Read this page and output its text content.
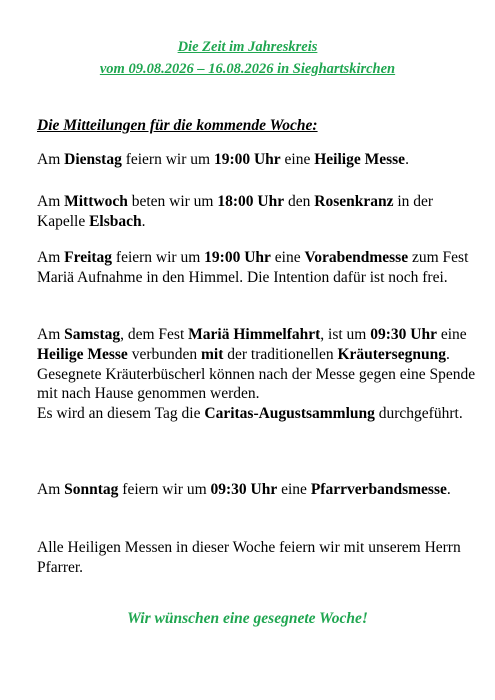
Die Zeit im Jahreskreis
vom 09.08.2026 – 16.08.2026 in Sieghartskirchen
Die Mitteilungen für die kommende Woche:
Am Dienstag feiern wir um 19:00 Uhr eine Heilige Messe.
Am Mittwoch beten wir um 18:00 Uhr den Rosenkranz in der Kapelle Elsbach.
Am Freitag feiern wir um 19:00 Uhr eine Vorabendmesse zum Fest Mariä Aufnahme in den Himmel. Die Intention dafür ist noch frei.
Am Samstag, dem Fest Mariä Himmelfahrt, ist um 09:30 Uhr eine Heilige Messe verbunden mit der traditionellen Kräutersegnung.
Gesegnete Kräuterbüscherl können nach der Messe gegen eine Spende mit nach Hause genommen werden.
Es wird an diesem Tag die Caritas-Augustsammlung durchgeführt.
Am Sonntag feiern wir um 09:30 Uhr eine Pfarrverbandsmesse.
Alle Heiligen Messen in dieser Woche feiern wir mit unserem Herrn Pfarrer.
Wir wünschen eine gesegnete Woche!
